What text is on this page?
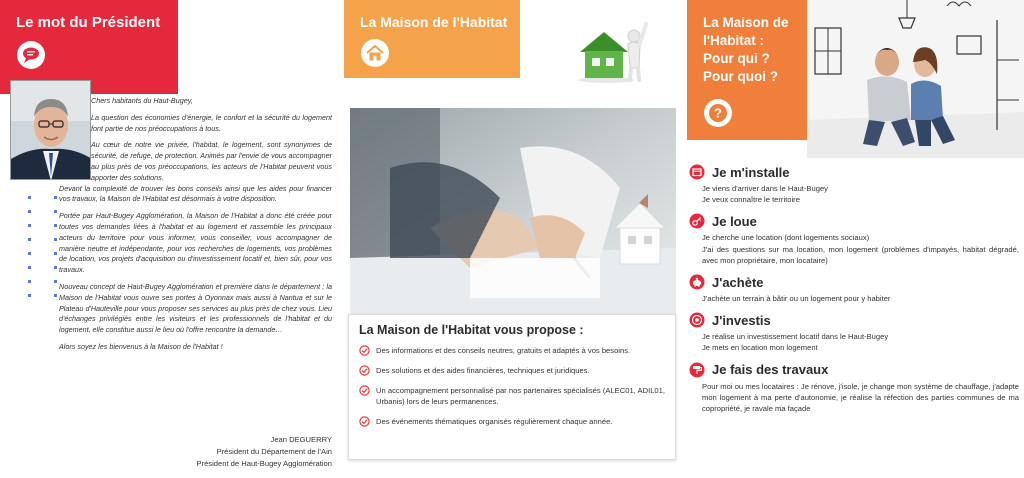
Le mot du Président

Chers habitants du Haut-Bugey,

La question des économies d'énergie, le confort et la sécurité du logement font partie de nos préoccupations à tous.

Au cœur de notre vie privée, l'habitat, le logement, sont synonymes de sécurité, de refuge, de protection. Animés par l'envie de vous accompagner au plus près de vos préoccupations, les acteurs de l'Habitat peuvent vous apporter des solutions.

Devant la complexité de trouver les bons conseils ainsi que les aides pour financer vos travaux, la Maison de l'Habitat est désormais à votre disposition.

Portée par Haut-Bugey Agglomération, la Maison de l'Habitat a donc été créée pour toutes vos demandes liées à l'habitat et au logement et rassemble les principaux acteurs du territoire pour vous informer, vous conseiller, vous accompagner de manière neutre et indépendante, pour vos recherches de logements, vos problèmes de location, vos projets d'acquisition ou d'investissement locatif et, bien sûr, pour vos travaux.

Nouveau concept de Haut-Bugey Agglomération et première dans le département ; la Maison de l'Habitat vous ouvre ses portes à Oyonnax mais aussi à Nantua et sur le Plateau d'Hauteville pour vous proposer ses services au plus près de chez vous. Lieu d'échanges privilégiés entre les visiteurs et les professionnels de l'habitat et du logement, elle constitue aussi le lieu où l'offre rencontre la demande…

Alors soyez les bienvenus à la Maison de l'Habitat !

Jean DEGUERRY
Président du Département de l'Ain
Président de Haut-Bugey Agglomération
La Maison de l'Habitat
La Maison de l'Habitat vous propose :
Des informations et des conseils neutres, gratuits et adaptés à vos besoins.
Des solutions et des aides financières, techniques et juridiques.
Un accompagnement personnalisé par nos partenaires spécialisés (ALEC01, ADIL01, Urbanis) lors de leurs permanences.
Des événements thématiques organisés régulièrement chaque année.
La Maison de
l'Habitat :
Pour qui ?
Pour quoi ?
?
Je m'installe
Je viens d'arriver dans le Haut-Bugey
Je veux connaître le territoire
Je loue
Je cherche une location (dont logements sociaux)
J'ai des questions sur ma location, mon logement (problèmes d'impayés, habitat dégradé, avec mon propriétaire, mon locataire)
J'achète
J'achète un terrain à bâtir ou un logement pour y habiter
J'investis
Je réalise un investissement locatif dans le Haut-Bugey
Je mets en location mon logement
Je fais des travaux
Pour moi ou mes locataires : Je rénove, j'isole, je change mon système de chauffage, j'adapte mon logement à ma perte d'autonomie, je réalise la réfection des parties communes de ma copropriété, je ravale ma façade
